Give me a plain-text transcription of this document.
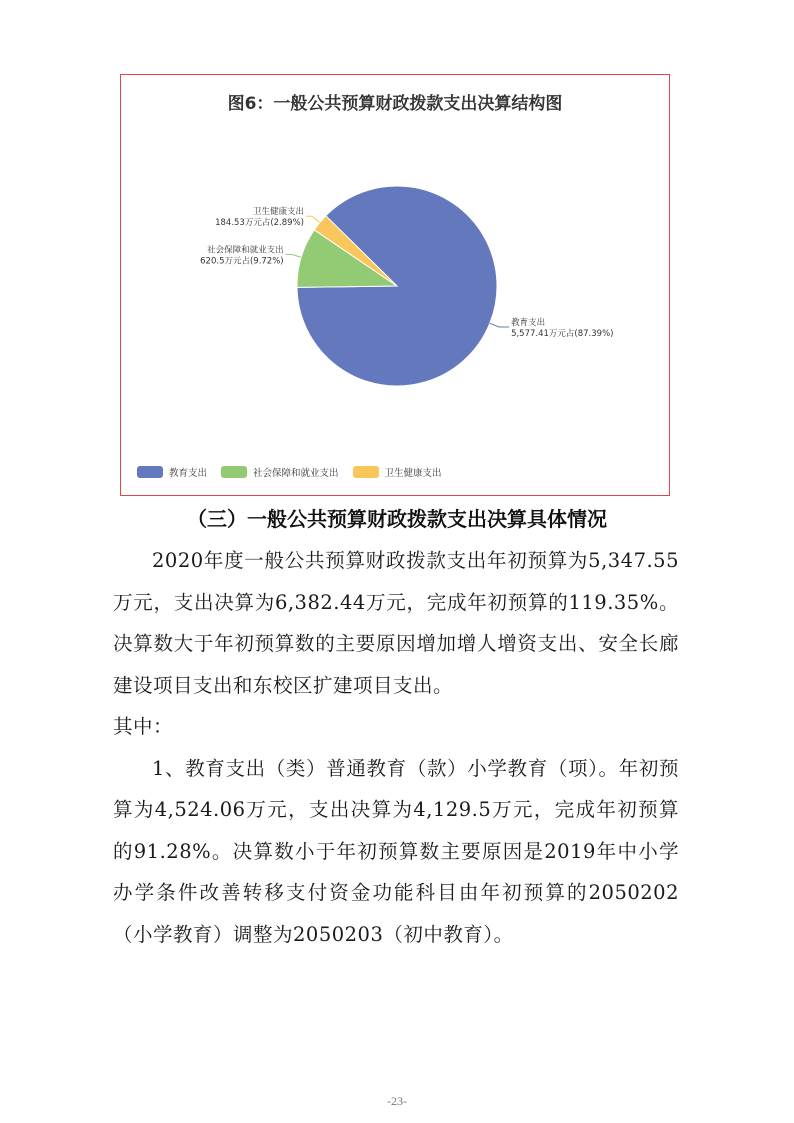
图6：一般公共预算财政拨款支出决算结构图
教育支出
5,577.41万元占(87.39%)
社会保障和就业支出
620.5万元占(9.72%)
卫生健康支出
184.53万元占(2.89%)
教育支出	社会保障和就业支出	卫生健康支出
（三）一般公共预算财政拨款支出决算具体情况

2020年度一般公共预算财政拨款支出年初预算为5,347.55万元，支出决算为6,382.44万元，完成年初预算的119.35%。决算数大于年初预算数的主要原因增加增人增资支出、安全长廊建设项目支出和东校区扩建项目支出。

其中：

1、教育支出（类）普通教育（款）小学教育（项）。年初预算为4,524.06万元，支出决算为4,129.5万元，完成年初预算的91.28%。决算数小于年初预算数主要原因是2019年中小学办学条件改善转移支付资金功能科目由年初预算的2050202（小学教育）调整为2050203（初中教育）。

-23-
